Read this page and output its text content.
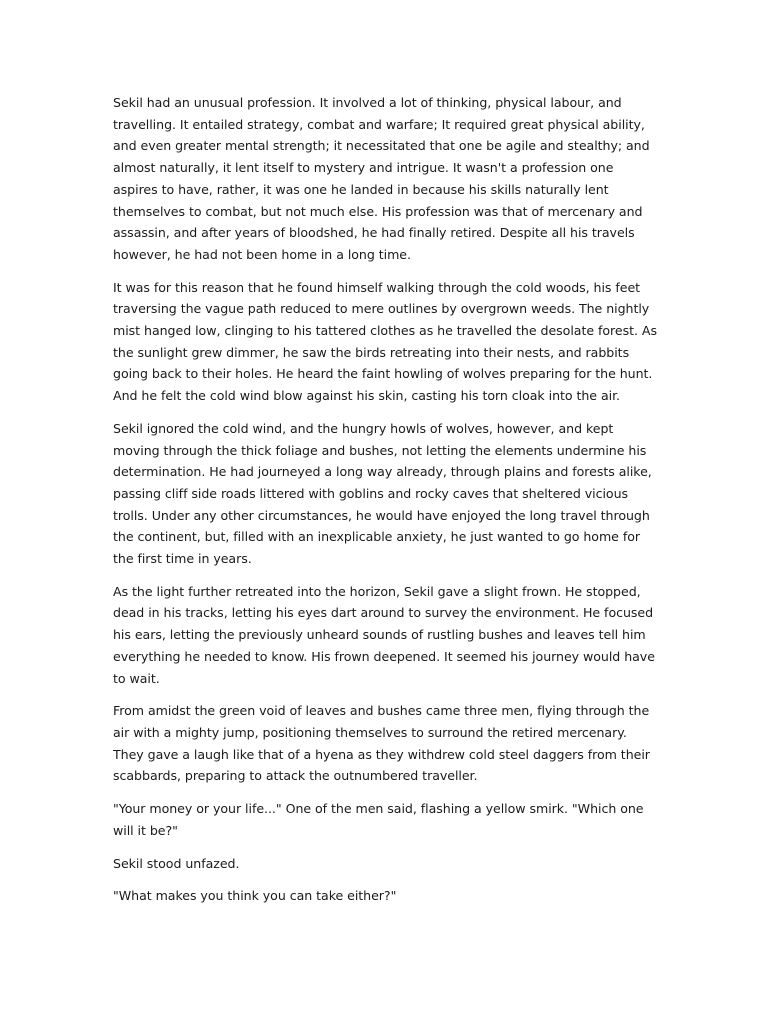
Sekil had an unusual profession. It involved a lot of thinking, physical labour, and travelling. It entailed strategy, combat and warfare; It required great physical ability, and even greater mental strength; it necessitated that one be agile and stealthy; and almost naturally, it lent itself to mystery and intrigue. It wasn't a profession one aspires to have, rather, it was one he landed in because his skills naturally lent themselves to combat, but not much else. His profession was that of mercenary and assassin, and after years of bloodshed, he had finally retired. Despite all his travels however, he had not been home in a long time.

It was for this reason that he found himself walking through the cold woods, his feet traversing the vague path reduced to mere outlines by overgrown weeds. The nightly mist hanged low, clinging to his tattered clothes as he travelled the desolate forest. As the sunlight grew dimmer, he saw the birds retreating into their nests, and rabbits going back to their holes. He heard the faint howling of wolves preparing for the hunt. And he felt the cold wind blow against his skin, casting his torn cloak into the air.

Sekil ignored the cold wind, and the hungry howls of wolves, however, and kept moving through the thick foliage and bushes, not letting the elements undermine his determination. He had journeyed a long way already, through plains and forests alike, passing cliff side roads littered with goblins and rocky caves that sheltered vicious trolls. Under any other circumstances, he would have enjoyed the long travel through the continent, but, filled with an inexplicable anxiety, he just wanted to go home for the first time in years.

As the light further retreated into the horizon, Sekil gave a slight frown. He stopped, dead in his tracks, letting his eyes dart around to survey the environment. He focused his ears, letting the previously unheard sounds of rustling bushes and leaves tell him everything he needed to know. His frown deepened. It seemed his journey would have to wait.

From amidst the green void of leaves and bushes came three men, flying through the air with a mighty jump, positioning themselves to surround the retired mercenary. They gave a laugh like that of a hyena as they withdrew cold steel daggers from their scabbards, preparing to attack the outnumbered traveller.

"Your money or your life..." One of the men said, flashing a yellow smirk. "Which one will it be?"

Sekil stood unfazed.

"What makes you think you can take either?"
